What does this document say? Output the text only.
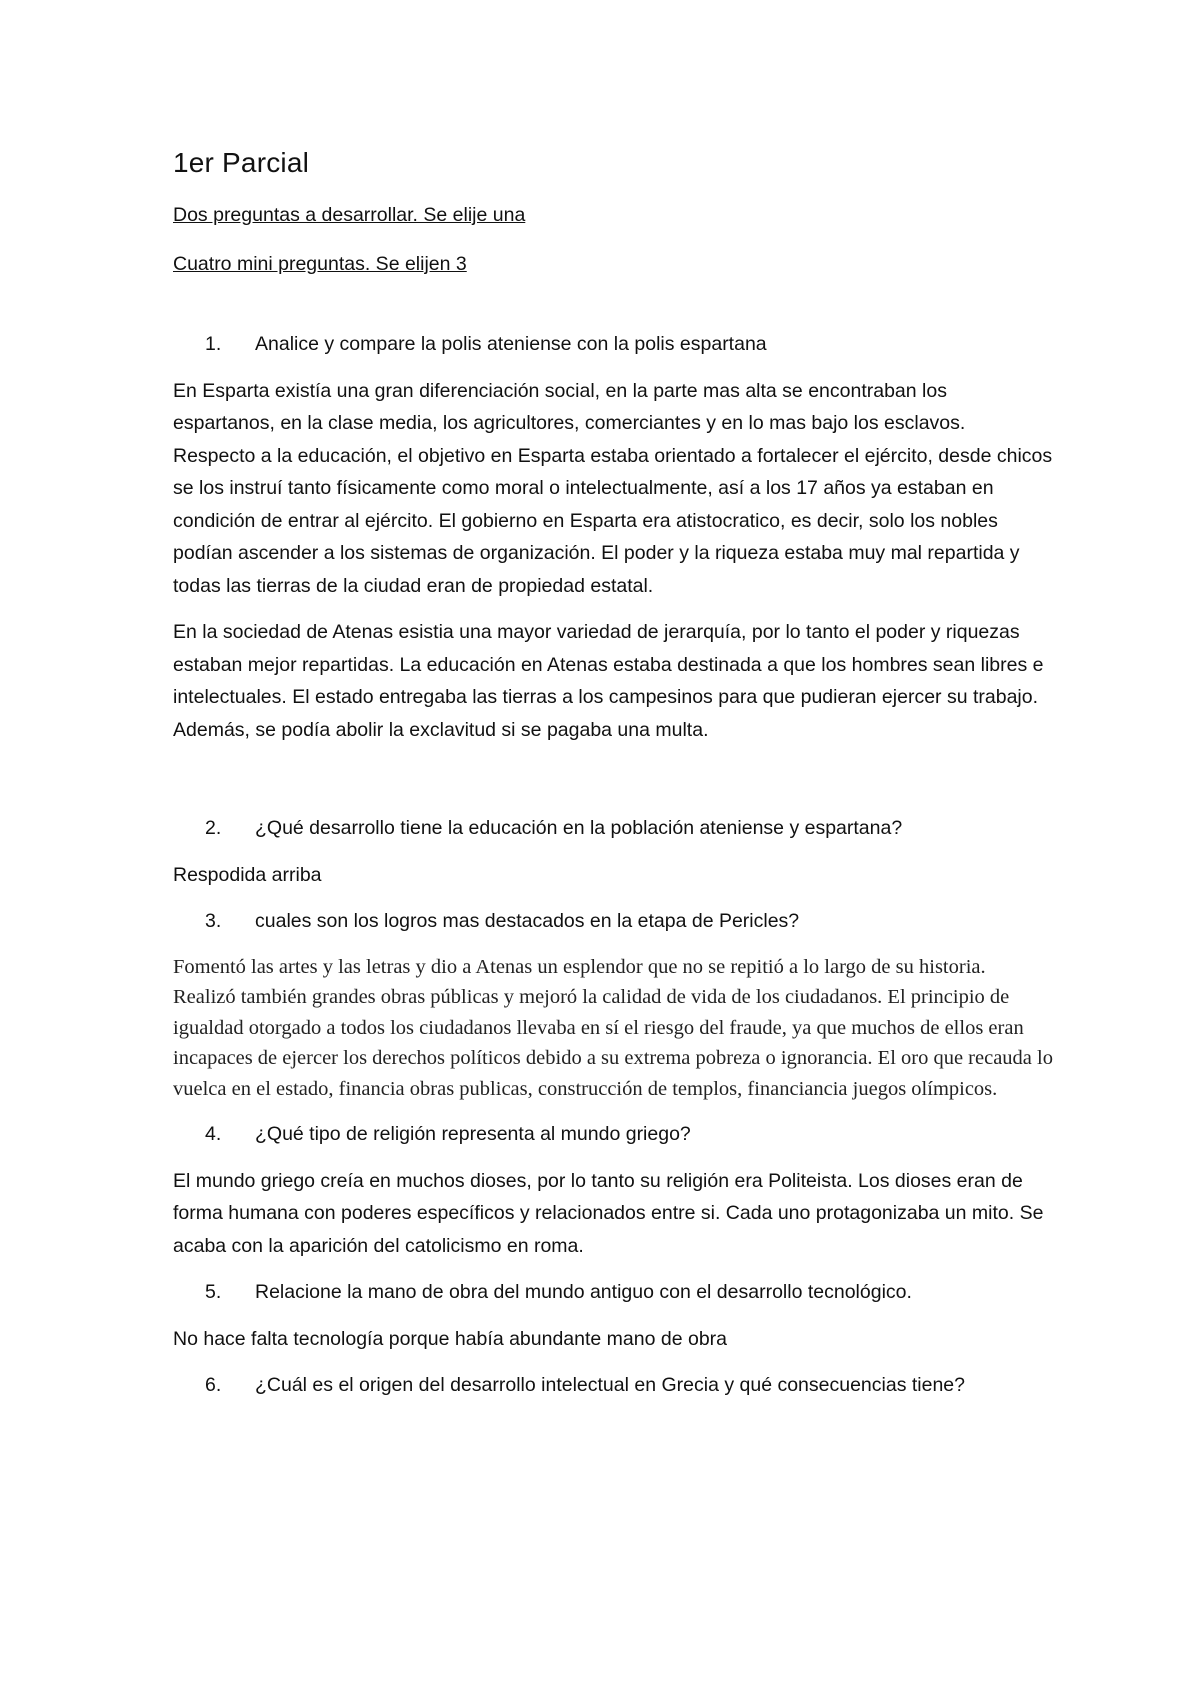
1er Parcial
Dos preguntas a desarrollar. Se elije una
Cuatro mini preguntas. Se elijen 3
1.	Analice y compare la polis ateniense con la polis espartana
En Esparta existía una gran diferenciación social, en la parte mas alta se encontraban los espartanos, en la clase media, los agricultores, comerciantes y en lo mas bajo los esclavos. Respecto a la educación, el objetivo en Esparta estaba orientado a fortalecer el ejército, desde chicos se los instruí tanto físicamente como moral o intelectualmente, así a los 17 años ya estaban en condición de entrar al ejército. El gobierno en Esparta era atistocratico, es decir, solo los nobles podían ascender a los sistemas de organización. El poder y la riqueza estaba muy mal repartida y todas las tierras de la ciudad eran de propiedad estatal.
En la sociedad de Atenas esistia una mayor variedad de jerarquía, por lo tanto el poder y riquezas estaban mejor repartidas. La educación en Atenas estaba destinada a que los hombres sean libres e intelectuales. El estado entregaba las tierras a los campesinos para que pudieran ejercer su trabajo. Además, se podía abolir la exclavitud si se pagaba una multa.
2.	¿Qué desarrollo tiene la educación en la población ateniense y espartana?
Respodida arriba
3.	cuales son los logros mas destacados en la etapa de Pericles?
Fomentó las artes y las letras y dio a Atenas un esplendor que no se repitió a lo largo de su historia. Realizó también grandes obras públicas y mejoró la calidad de vida de los ciudadanos. El principio de igualdad otorgado a todos los ciudadanos llevaba en sí el riesgo del fraude, ya que muchos de ellos eran incapaces de ejercer los derechos políticos debido a su extrema pobreza o ignorancia. El oro que recauda lo vuelca en el estado, financia obras publicas, construcción de templos, financiancia juegos olímpicos.
4.	¿Qué tipo de religión representa al mundo griego?
El mundo griego creía en muchos dioses, por lo tanto su religión era Politeista. Los dioses eran de forma humana con poderes específicos y relacionados entre si. Cada uno protagonizaba un mito. Se acaba con la aparición del catolicismo en roma.
5.	Relacione la mano de obra del mundo antiguo con el desarrollo tecnológico.
No hace falta tecnología porque había abundante mano de obra
6.	¿Cuál es el origen del desarrollo intelectual en Grecia y qué consecuencias tiene?
